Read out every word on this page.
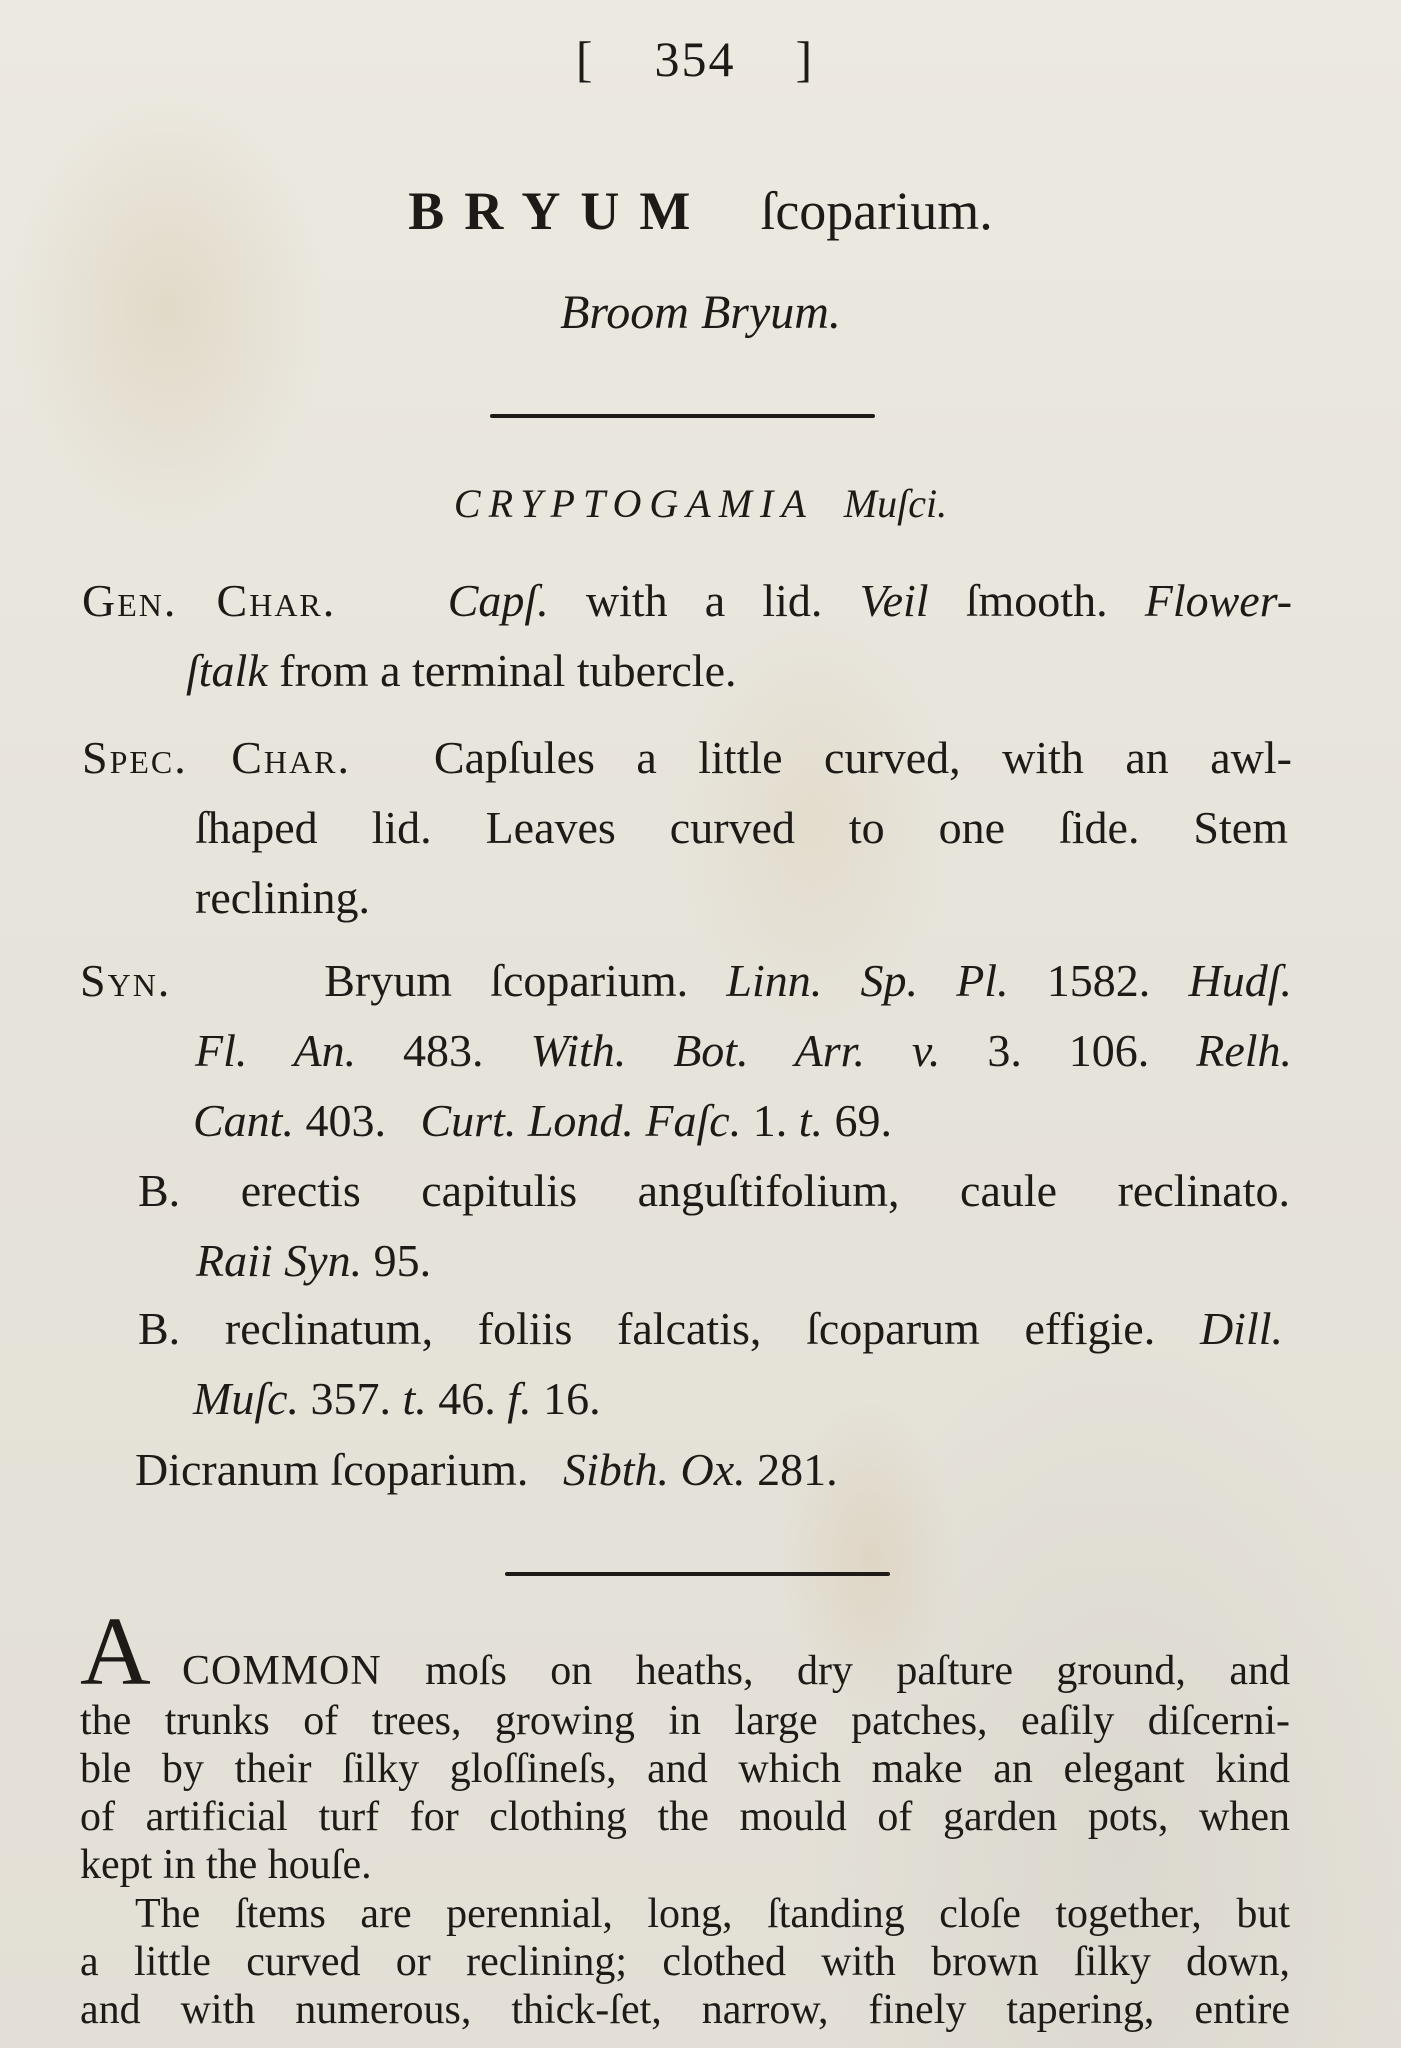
[ 354 ]
BRYUM ſcoparium.
Broom Bryum.
CRYPTOGAMIA Muſci.
Gen. Char. Capſ. with a lid. Veil ſmooth. Flower-
ſtalk from a terminal tubercle.
Spec. Char. Capſules a little curved, with an awl-
ſhaped lid. Leaves curved to one ſide. Stem
reclining.
Syn.	Bryum ſcoparium. Linn. Sp. Pl. 1582. Hudſ.
Fl. An. 483. With. Bot. Arr. v. 3. 106. Relh.
Cant. 403.   Curt. Lond. Faſc. 1. t. 69.
B. erectis capitulis anguſtifolium, caule reclinato.
Raii Syn. 95.
B. reclinatum, foliis falcatis, ſcoparum effigie. Dill.
Muſc. 357. t. 46. f. 16.
Dicranum ſcoparium.   Sibth. Ox. 281.
A COMMON moſs on heaths, dry paſture ground, and
the trunks of trees, growing in large patches, eaſily diſcerni-
ble by their ſilky gloſſineſs, and which make an elegant kind
of artificial turf for clothing the mould of garden pots, when
kept in the houſe.
The ſtems are perennial, long, ſtanding cloſe together, but
a little curved or reclining; clothed with brown ſilky down,
and with numerous, thick-ſet, narrow, finely tapering, entire
